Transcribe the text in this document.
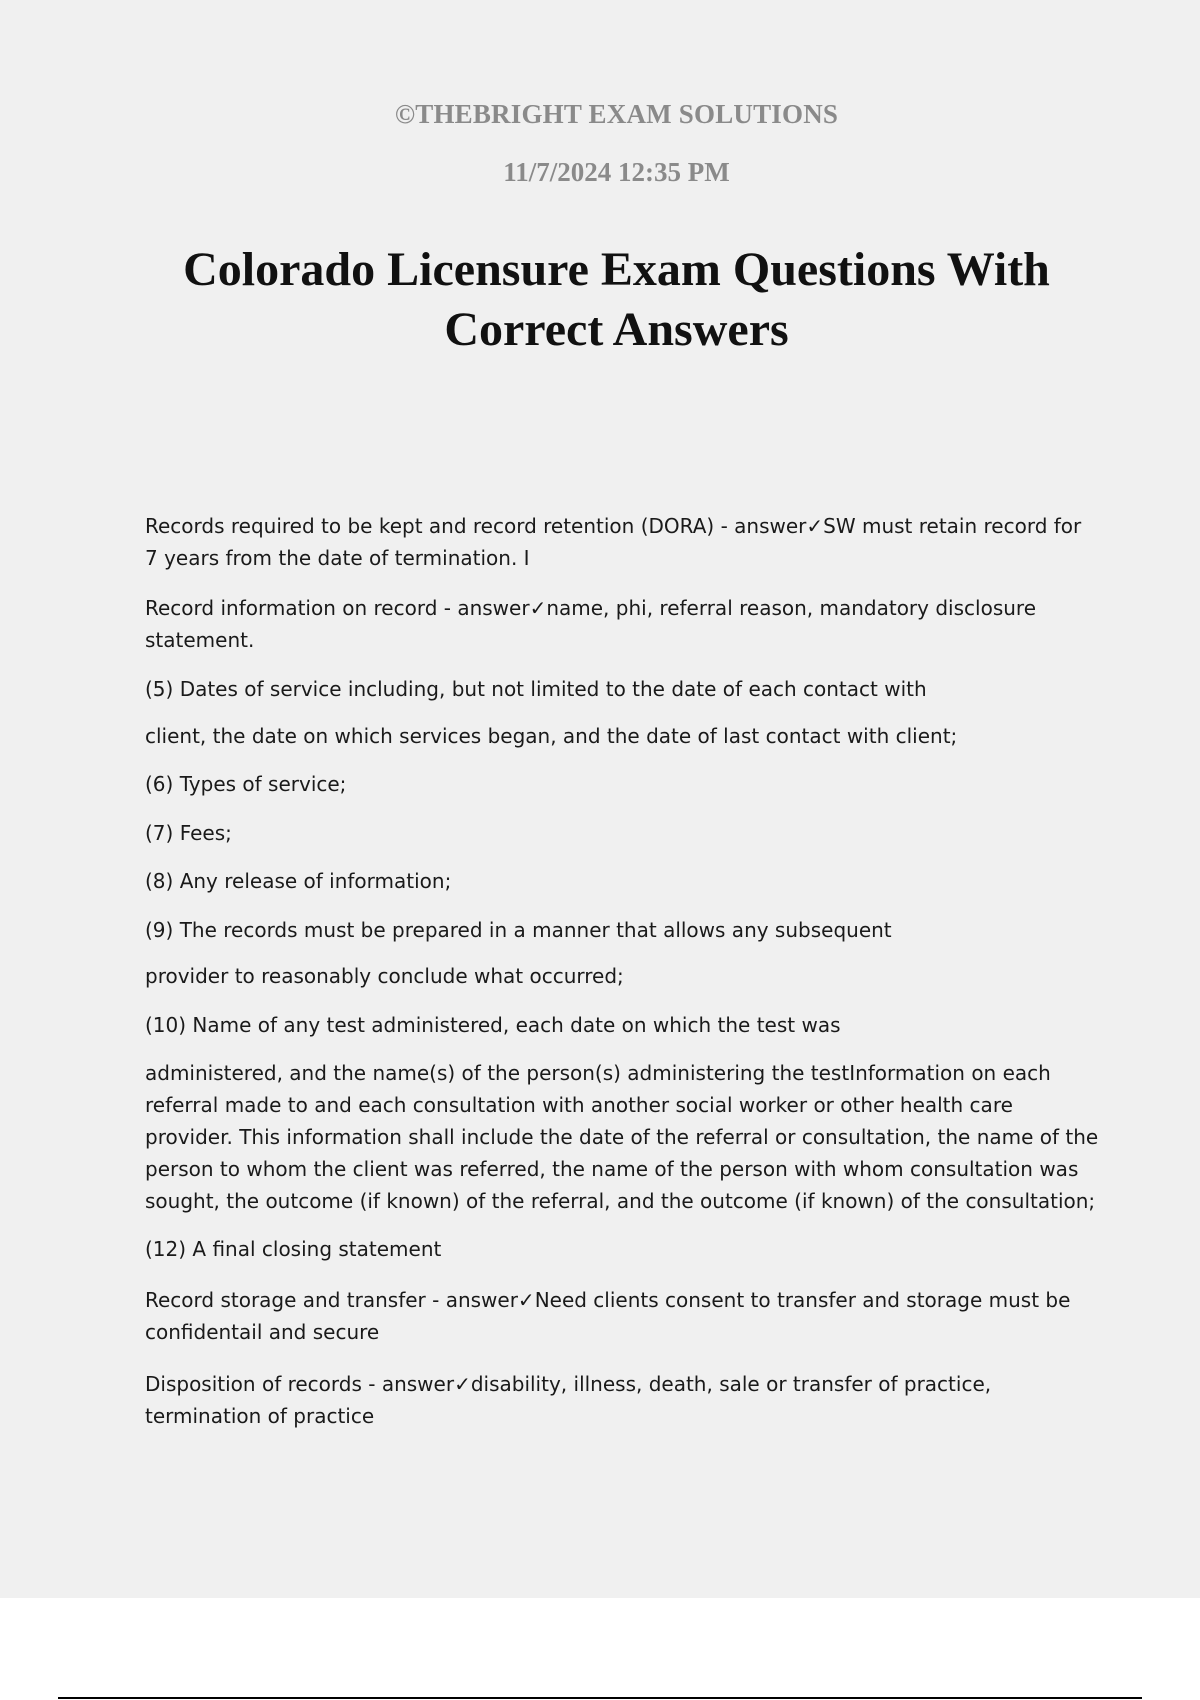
©THEBRIGHT EXAM SOLUTIONS
11/7/2024 12:35 PM
Colorado Licensure Exam Questions With
Correct Answers
Records required to be kept and record retention (DORA) - answer✓SW must retain record for
7 years from the date of termination. I
Record information on record - answer✓name, phi, referral reason, mandatory disclosure
statement.
(5) Dates of service including, but not limited to the date of each contact with
client, the date on which services began, and the date of last contact with client;
(6) Types of service;
(7) Fees;
(8) Any release of information;
(9) The records must be prepared in a manner that allows any subsequent
provider to reasonably conclude what occurred;
(10) Name of any test administered, each date on which the test was
administered, and the name(s) of the person(s) administering the testInformation on each
referral made to and each consultation with another social worker or other health care
provider. This information shall include the date of the referral or consultation, the name of the
person to whom the client was referred, the name of the person with whom consultation was
sought, the outcome (if known) of the referral, and the outcome (if known) of the consultation;
(12) A final closing statement
Record storage and transfer - answer✓Need clients consent to transfer and storage must be
confidentail and secure
Disposition of records - answer✓disability, illness, death, sale or transfer of practice,
termination of practice
